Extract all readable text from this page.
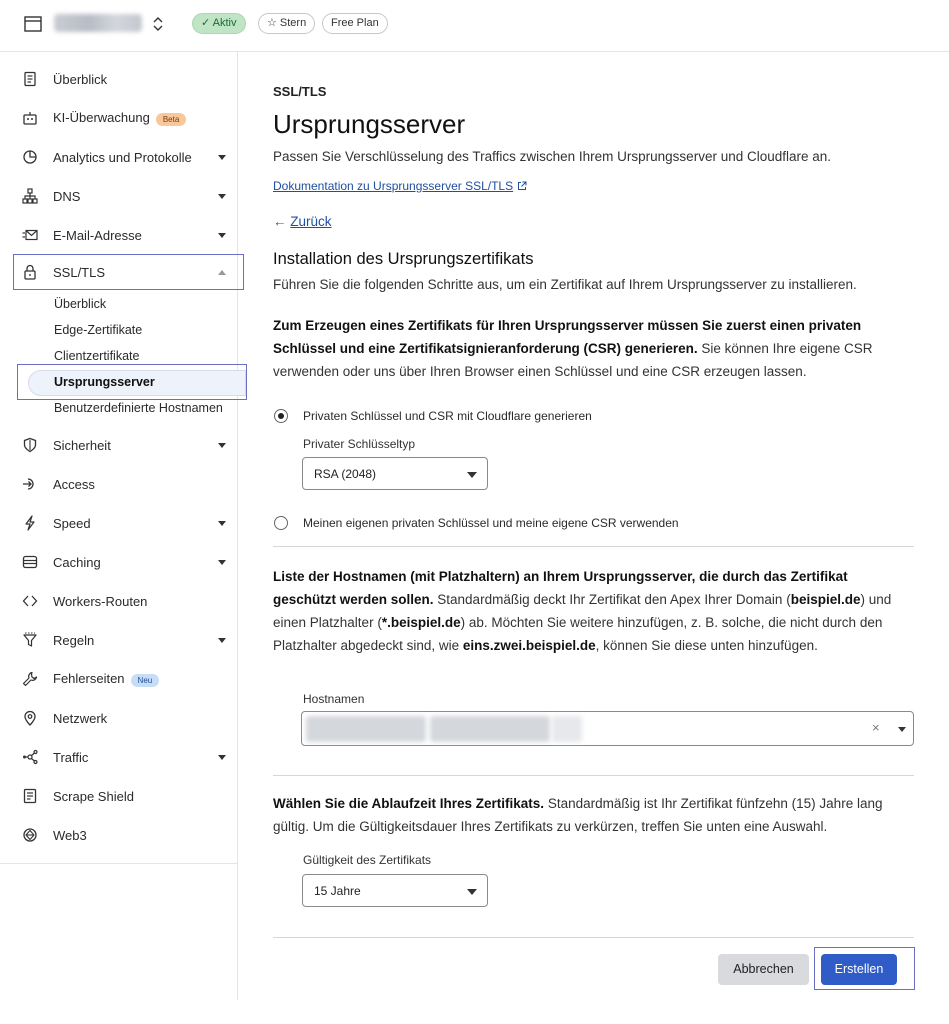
✓ Aktiv	☆ Stern	Free Plan
Überblick
KI-Überwachung Beta
Analytics und Protokolle
DNS
E-Mail-Adresse
SSL/TLS
Überblick
Edge-Zertifikate
Clientzertifikate
Ursprungsserver
Benutzerdefinierte Hostnamen
Sicherheit
Access
Speed
Caching
Workers-Routen
Regeln
Fehlerseiten Neu
Netzwerk
Traffic
Scrape Shield
Web3
SSL/TLS
Ursprungsserver
Passen Sie Verschlüsselung des Traffics zwischen Ihrem Ursprungsserver und Cloudflare an.
Dokumentation zu Ursprungsserver SSL/TLS
← Zurück
Installation des Ursprungszertifikats
Führen Sie die folgenden Schritte aus, um ein Zertifikat auf Ihrem Ursprungsserver zu installieren.
Zum Erzeugen eines Zertifikats für Ihren Ursprungsserver müssen Sie zuerst einen privaten Schlüssel und eine Zertifikatsignieranforderung (CSR) generieren. Sie können Ihre eigene CSR verwenden oder uns über Ihren Browser einen Schlüssel und eine CSR erzeugen lassen.
Privaten Schlüssel und CSR mit Cloudflare generieren
Privater Schlüsseltyp
RSA (2048)
Meinen eigenen privaten Schlüssel und meine eigene CSR verwenden
Liste der Hostnamen (mit Platzhaltern) an Ihrem Ursprungsserver, die durch das Zertifikat geschützt werden sollen. Standardmäßig deckt Ihr Zertifikat den Apex Ihrer Domain (beispiel.de) und einen Platzhalter (*.beispiel.de) ab. Möchten Sie weitere hinzufügen, z. B. solche, die nicht durch den Platzhalter abgedeckt sind, wie eins.zwei.beispiel.de, können Sie diese unten hinzufügen.
Hostnamen
×
Wählen Sie die Ablaufzeit Ihres Zertifikats. Standardmäßig ist Ihr Zertifikat fünfzehn (15) Jahre lang gültig. Um die Gültigkeitsdauer Ihres Zertifikats zu verkürzen, treffen Sie unten eine Auswahl.
Gültigkeit des Zertifikats
15 Jahre
Abbrechen	Erstellen
